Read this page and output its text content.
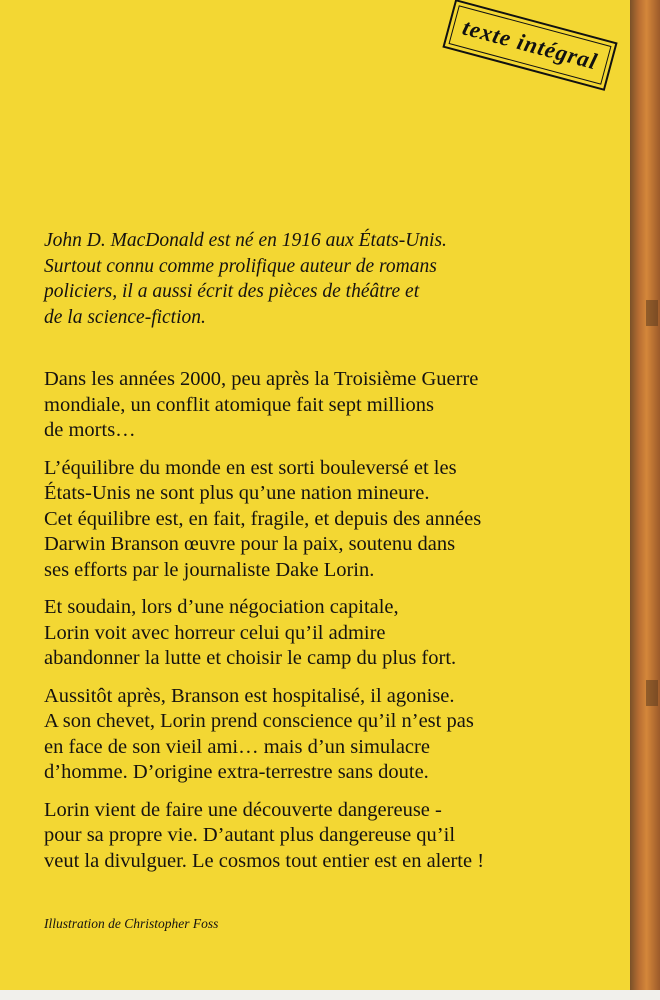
texte intégral

John D. MacDonald est né en 1916 aux États-Unis.

Surtout connu comme prolifique auteur de romans

policiers, il a aussi écrit des pièces de théâtre et

de la science-fiction.

Dans les années 2000, peu après la Troisième Guerre
mondiale, un conflit atomique fait sept millions
de morts…

L’équilibre du monde en est sorti bouleversé et les
États-Unis ne sont plus qu’une nation mineure.
Cet équilibre est, en fait, fragile, et depuis des années
Darwin Branson œuvre pour la paix, soutenu dans
ses efforts par le journaliste Dake Lorin.

Et soudain, lors d’une négociation capitale,
Lorin voit avec horreur celui qu’il admire
abandonner la lutte et choisir le camp du plus fort.

Aussitôt après, Branson est hospitalisé, il agonise.
A son chevet, Lorin prend conscience qu’il n’est pas
en face de son vieil ami… mais d’un simulacre
d’homme. D’origine extra-terrestre sans doute.

Lorin vient de faire une découverte dangereuse -
pour sa propre vie. D’autant plus dangereuse qu’il
veut la divulguer. Le cosmos tout entier est en alerte !

Illustration de Christopher Foss
